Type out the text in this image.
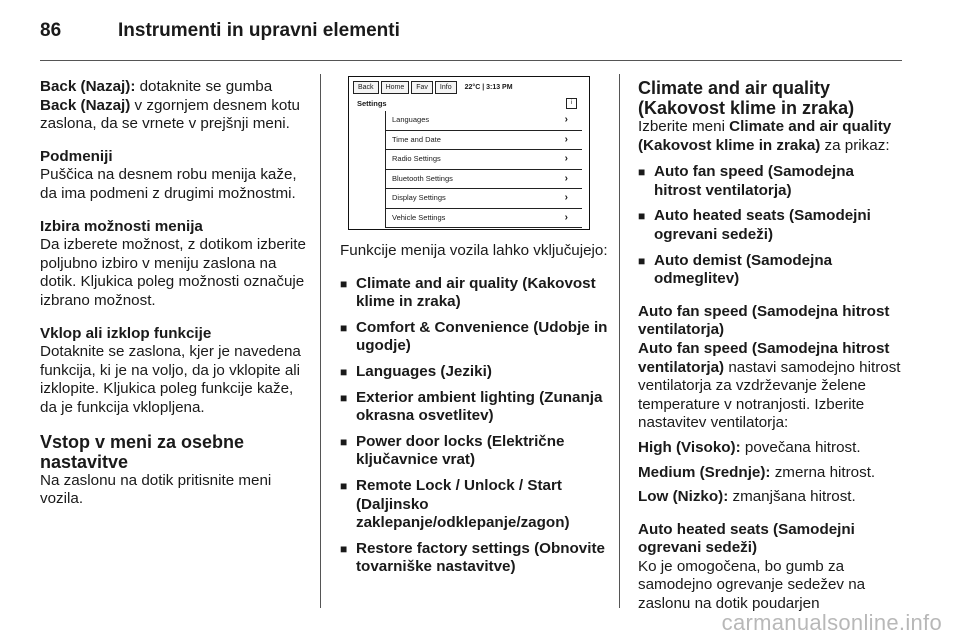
86	Instrumenti in upravni elementi

Back (Nazaj): dotaknite se gumba Back (Nazaj) v zgornjem desnem kotu zaslona, da se vrnete v prejšnji meni.

Podmeniji
Puščica na desnem robu menija kaže, da ima podmeni z drugimi možnostmi.

Izbira možnosti menija
Da izberete možnost, z dotikom izberite poljubno izbiro v meniju zaslona na dotik. Kljukica poleg možnosti označuje izbrano možnost.

Vklop ali izklop funkcije
Dotaknite se zaslona, kjer je navedena funkcija, ki je na voljo, da jo vklopite ali izklopite. Kljukica poleg funkcije kaže, da je funkcija vklopljena.

Vstop v meni za osebne nastavitve

Na zaslonu na dotik pritisnite meni vozila.

Back	Home	Fav	Info	22°C | 3:13 PM
Settings	i
Languages	›
Time and Date	›
Radio Settings	›
Bluetooth Settings	›
Display Settings	›
Vehicle Settings	›

Funkcije menija vozila lahko vključujejo:

■ Climate and air quality (Kakovost klime in zraka)
■ Comfort & Convenience (Udobje in ugodje)
■ Languages (Jeziki)
■ Exterior ambient lighting (Zunanja okrasna osvetlitev)
■ Power door locks (Električne ključavnice vrat)
■ Remote Lock / Unlock / Start (Daljinsko zaklepanje/odklepanje/zagon)
■ Restore factory settings (Obnovite tovarniške nastavitve)
Climate and air quality (Kakovost klime in zraka)

Izberite meni Climate and air quality (Kakovost klime in zraka) za prikaz:

■ Auto fan speed (Samodejna hitrost ventilatorja)
■ Auto heated seats (Samodejni ogrevani sedeži)
■ Auto demist (Samodejna odmeglitev)

Auto fan speed (Samodejna hitrost ventilatorja)
Auto fan speed (Samodejna hitrost ventilatorja) nastavi samodejno hitrost ventilatorja za vzdrževanje želene temperature v notranjosti. Izberite nastavitev ventilatorja:

High (Visoko): povečana hitrost.

Medium (Srednje): zmerna hitrost.

Low (Nizko): zmanjšana hitrost.

Auto heated seats (Samodejni ogrevani sedeži)
Ko je omogočena, bo gumb za samodejno ogrevanje sedežev na zaslonu na dotik poudarjen

carmanualsonline.info
